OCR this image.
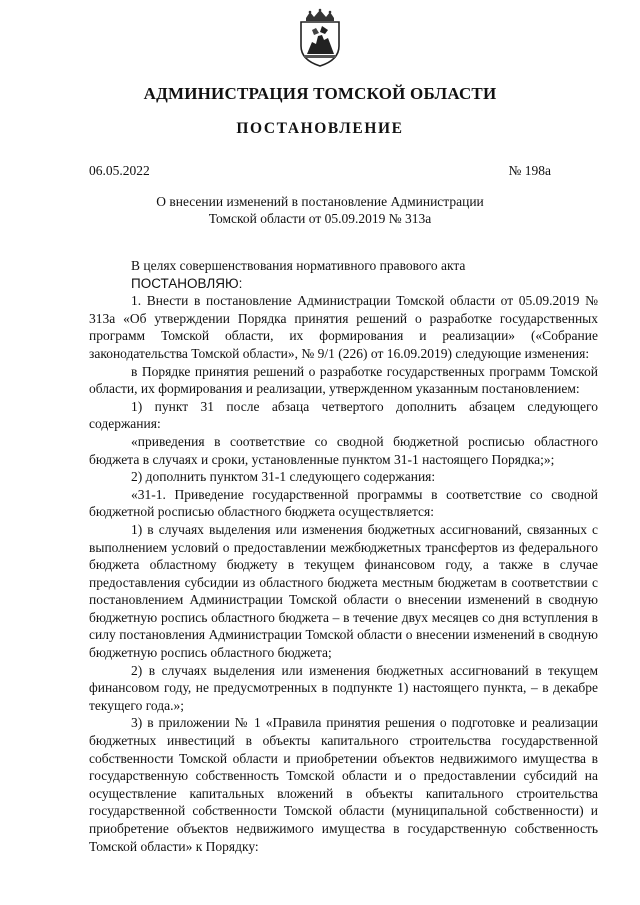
АДМИНИСТРАЦИЯ ТОМСКОЙ ОБЛАСТИ
ПОСТАНОВЛЕНИЕ
06.05.2022	№ 198а
О внесении изменений в постановление Администрации
Томской области от 05.09.2019 № 313а

В целях совершенствования нормативного правового акта

ПОСТАНОВЛЯЮ:

1. Внести в постановление Администрации Томской области от 05.09.2019 № 313а «Об утверждении Порядка принятия решений о разработке государственных программ Томской области, их формирования и реализации» («Собрание законодательства Томской области», № 9/1 (226) от 16.09.2019) следующие изменения:

в Порядке принятия решений о разработке государственных программ Томской области, их формирования и реализации, утвержденном указанным постановлением:

1) пункт 31 после абзаца четвертого дополнить абзацем следующего содержания:

«приведения в соответствие со сводной бюджетной росписью областного бюджета в случаях и сроки, установленные пунктом 31-1 настоящего Порядка;»;

2) дополнить пунктом 31-1 следующего содержания:

«31-1. Приведение государственной программы в соответствие со сводной бюджетной росписью областного бюджета осуществляется:

1) в случаях выделения или изменения бюджетных ассигнований, связанных с выполнением условий о предоставлении межбюджетных трансфертов из федерального бюджета областному бюджету в текущем финансовом году, а также в случае предоставления субсидии из областного бюджета местным бюджетам в соответствии с постановлением Администрации Томской области о внесении изменений в сводную бюджетную роспись областного бюджета – в течение двух месяцев со дня вступления в силу постановления Администрации Томской области о внесении изменений в сводную бюджетную роспись областного бюджета;

2) в случаях выделения или изменения бюджетных ассигнований в текущем финансовом году, не предусмотренных в подпункте 1) настоящего пункта, – в декабре текущего года.»;

3) в приложении № 1 «Правила принятия решения о подготовке и реализации бюджетных инвестиций в объекты капитального строительства государственной собственности Томской области и приобретении объектов недвижимого имущества в государственную собственность Томской области и о предоставлении субсидий на осуществление капитальных вложений в объекты капитального строительства государственной собственности Томской области (муниципальной собственности) и приобретение объектов недвижимого имущества в государственную собственность Томской области» к Порядку:
